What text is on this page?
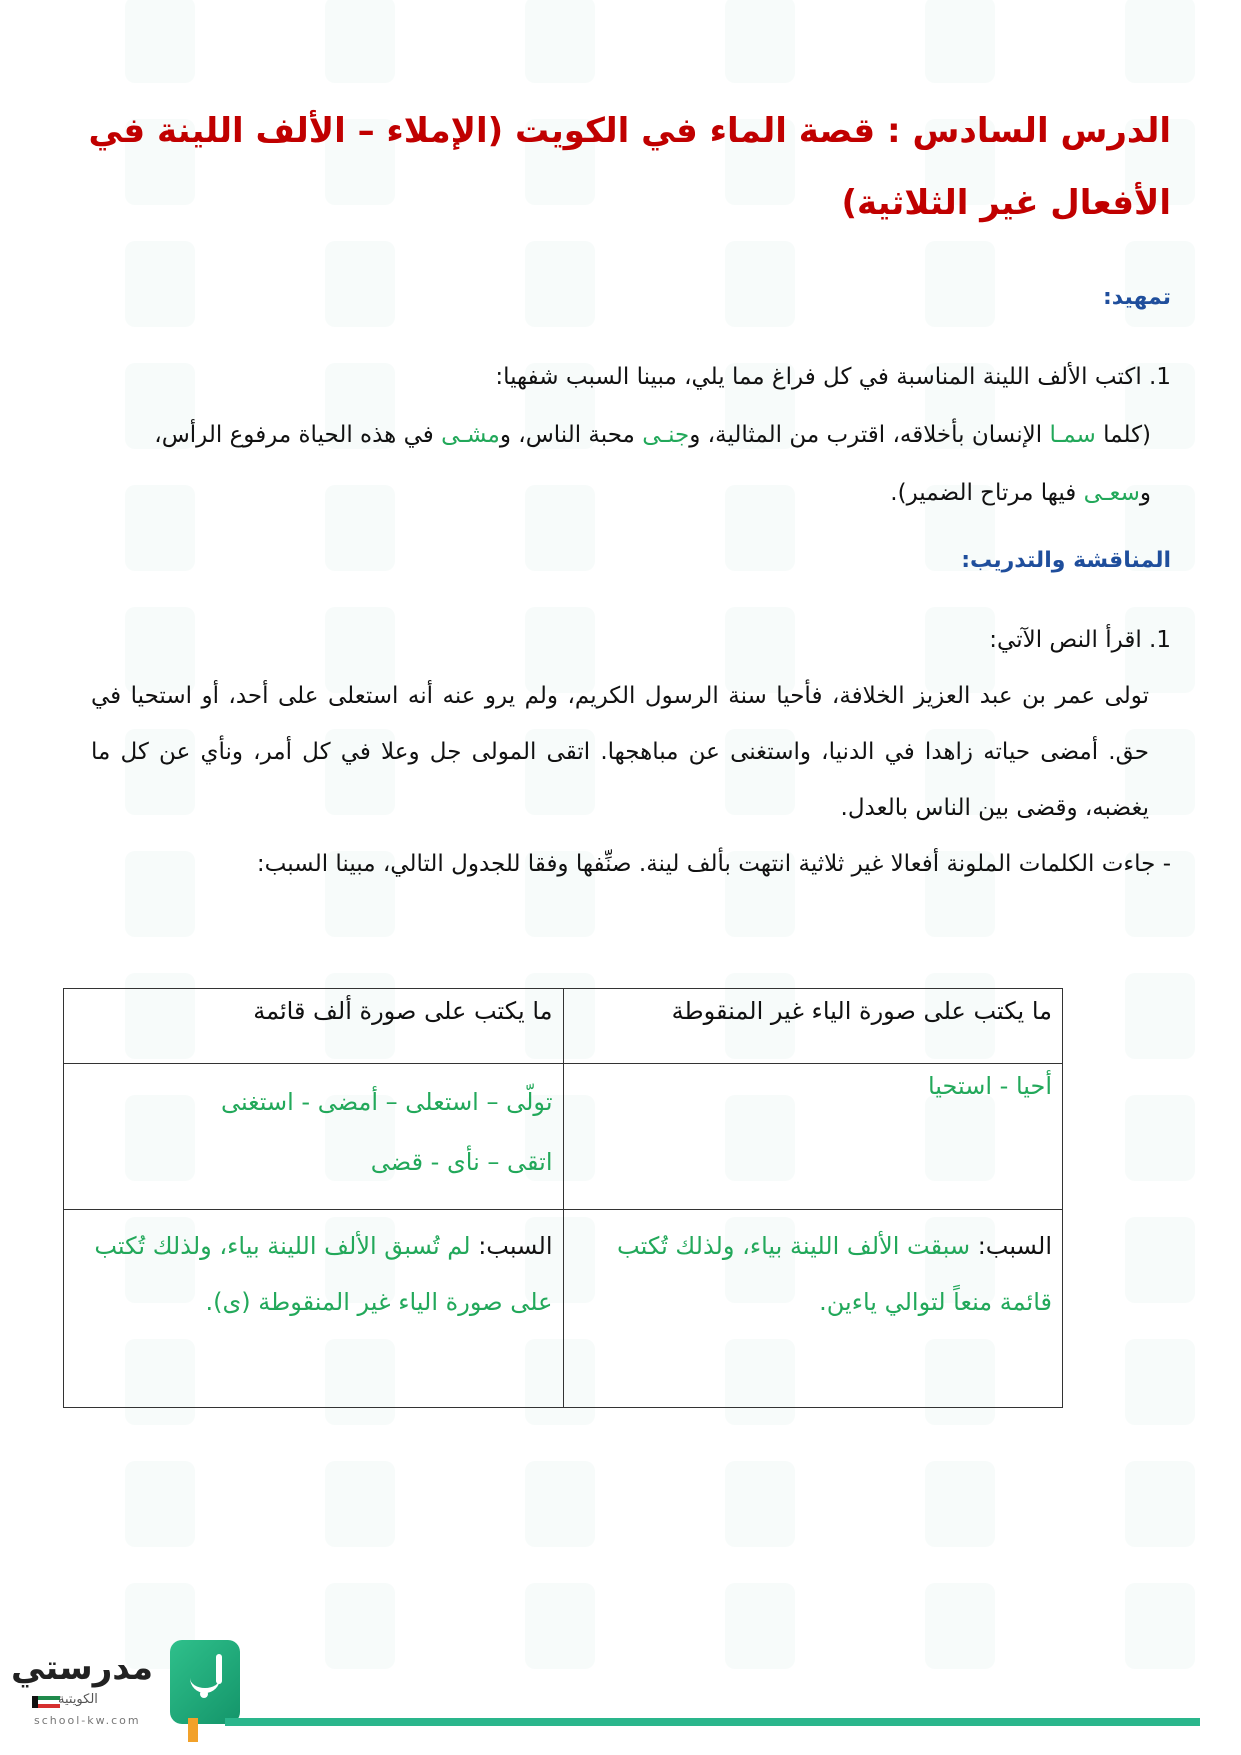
الدرس السادس : قصة الماء في الكويت (الإملاء – الألف اللينة في الأفعال غير الثلاثية)
تمهيد:

1. اكتب الألف اللينة المناسبة في كل فراغ مما يلي، مبينا السبب شفهيا:

(كلما سمـا الإنسان بأخلاقه، اقترب من المثالية، وجنـى محبة الناس، ومشـى في هذه الحياة مرفوع الرأس، وسعـى فيها مرتاح الضمير).

المناقشة والتدريب:

1. اقرأ النص الآتي:

تولى عمر بن عبد العزيز الخلافة، فأحيا سنة الرسول الكريم، ولم يرو عنه أنه استعلى على أحد، أو استحيا في حق. أمضى حياته زاهدا في الدنيا، واستغنى عن مباهجها. اتقى المولى جل وعلا في كل أمر، ونأي عن كل ما يغضبه، وقضى بين الناس بالعدل.

- جاءت الكلمات الملونة أفعالا غير ثلاثية انتهت بألف لينة. صنِّفها وفقا للجدول التالي، مبينا السبب:

ما يكتب على صورة الياء غير المنقوطة	ما يكتب على صورة ألف قائمة
أحيا - استحيا	تولّى – استعلى – أمضى - استغنى
اتقى – نأى - قضى
السبب: سبقت الألف اللينة بياء، ولذلك تُكتب قائمة منعاً لتوالي ياءين.	السبب: لم تُسبق الألف اللينة بياء، ولذلك تُكتب على صورة الياء غير المنقوطة (ى).
مدرستي
الكويتية
school-kw.com
